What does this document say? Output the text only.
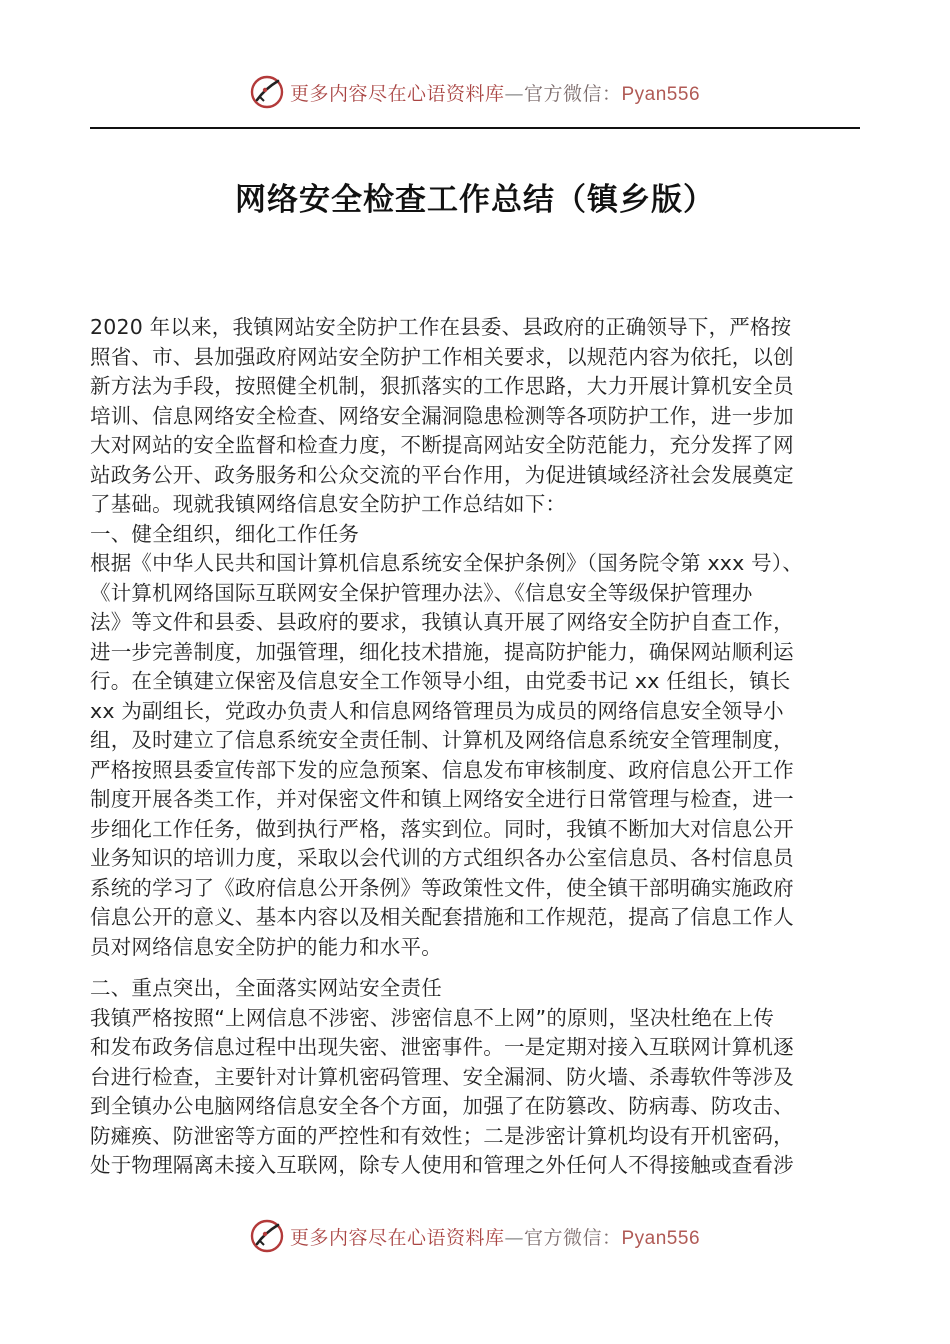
更多内容尽在心语资料库—官方微信：Pyan556
网络安全检查工作总结（镇乡版）
2020 年以来，我镇网站安全防护工作在县委、县政府的正确领导下，严格按
照省、市、县加强政府网站安全防护工作相关要求，以规范内容为依托，以创
新方法为手段，按照健全机制，狠抓落实的工作思路，大力开展计算机安全员
培训、信息网络安全检查、网络安全漏洞隐患检测等各项防护工作，进一步加
大对网站的安全监督和检查力度，不断提高网站安全防范能力，充分发挥了网
站政务公开、政务服务和公众交流的平台作用，为促进镇域经济社会发展奠定
了基础。现就我镇网络信息安全防护工作总结如下：
一、健全组织，细化工作任务
根据《中华人民共和国计算机信息系统安全保护条例》（国务院令第 xxx 号）、
《计算机网络国际互联网安全保护管理办法》、《信息安全等级保护管理办
法》等文件和县委、县政府的要求，我镇认真开展了网络安全防护自查工作，
进一步完善制度，加强管理，细化技术措施，提高防护能力，确保网站顺利运
行。在全镇建立保密及信息安全工作领导小组，由党委书记 xx 任组长，镇长
xx 为副组长，党政办负责人和信息网络管理员为成员的网络信息安全领导小
组，及时建立了信息系统安全责任制、计算机及网络信息系统安全管理制度，
严格按照县委宣传部下发的应急预案、信息发布审核制度、政府信息公开工作
制度开展各类工作，并对保密文件和镇上网络安全进行日常管理与检查，进一
步细化工作任务，做到执行严格，落实到位。同时，我镇不断加大对信息公开
业务知识的培训力度，采取以会代训的方式组织各办公室信息员、各村信息员
系统的学习了《政府信息公开条例》等政策性文件，使全镇干部明确实施政府
信息公开的意义、基本内容以及相关配套措施和工作规范，提高了信息工作人
员对网络信息安全防护的能力和水平。
二、重点突出，全面落实网站安全责任
我镇严格按照“上网信息不涉密、涉密信息不上网”的原则，坚决杜绝在上传
和发布政务信息过程中出现失密、泄密事件。一是定期对接入互联网计算机逐
台进行检查，主要针对计算机密码管理、安全漏洞、防火墙、杀毒软件等涉及
到全镇办公电脑网络信息安全各个方面，加强了在防篡改、防病毒、防攻击、
防瘫痪、防泄密等方面的严控性和有效性；二是涉密计算机均设有开机密码，
处于物理隔离未接入互联网，除专人使用和管理之外任何人不得接触或查看涉
更多内容尽在心语资料库—官方微信：Pyan556
